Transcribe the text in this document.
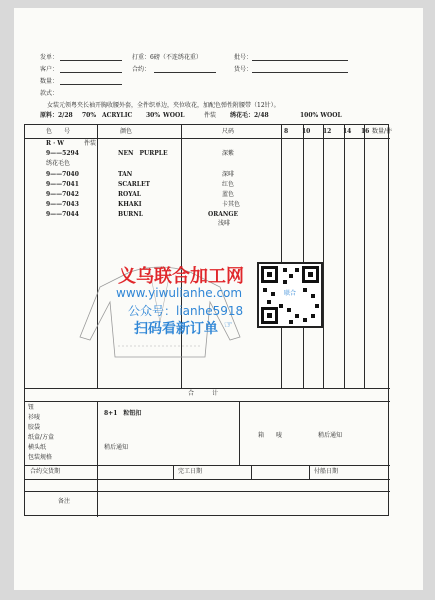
发单：	打重：6磅（不连绣花重）	批号：
客户：	合约：	货号：
数量：
款式：
女装元领粤夹长袖开胸收腰外套，全件织单边，夹位收花，加配色弹性附腰带（12针）。
原料：2/28 70% ACRYLIC 30% WOOL	件装 绣花毛：2/48	100% WOOL
色　　号	颜色	尺码	8 10 12 14 16 数量/件
R · W	件装
9——5294	NEN　PURPLE	深紫
绣花毛色
9——7040	TAN	深啡
9——7041	SCARLET	红色
9——7042	ROYAL	蓝色
9——7043	KHAKI	卡其色
9——7044	BURNL	ORANGE
浅啡
义乌联合加工网
www.yiwulianhe.com
公众号：lianhe5918
扫码看新订单 ☞
联合
合　　　计
钮
衫唛
胶袋
纸盒/方盒
横头纸
包装规格
8+1　粒钮扣
稍后通知
箱　　唛	稍后通知
合约交货期	完工日期	付船日期
备注
